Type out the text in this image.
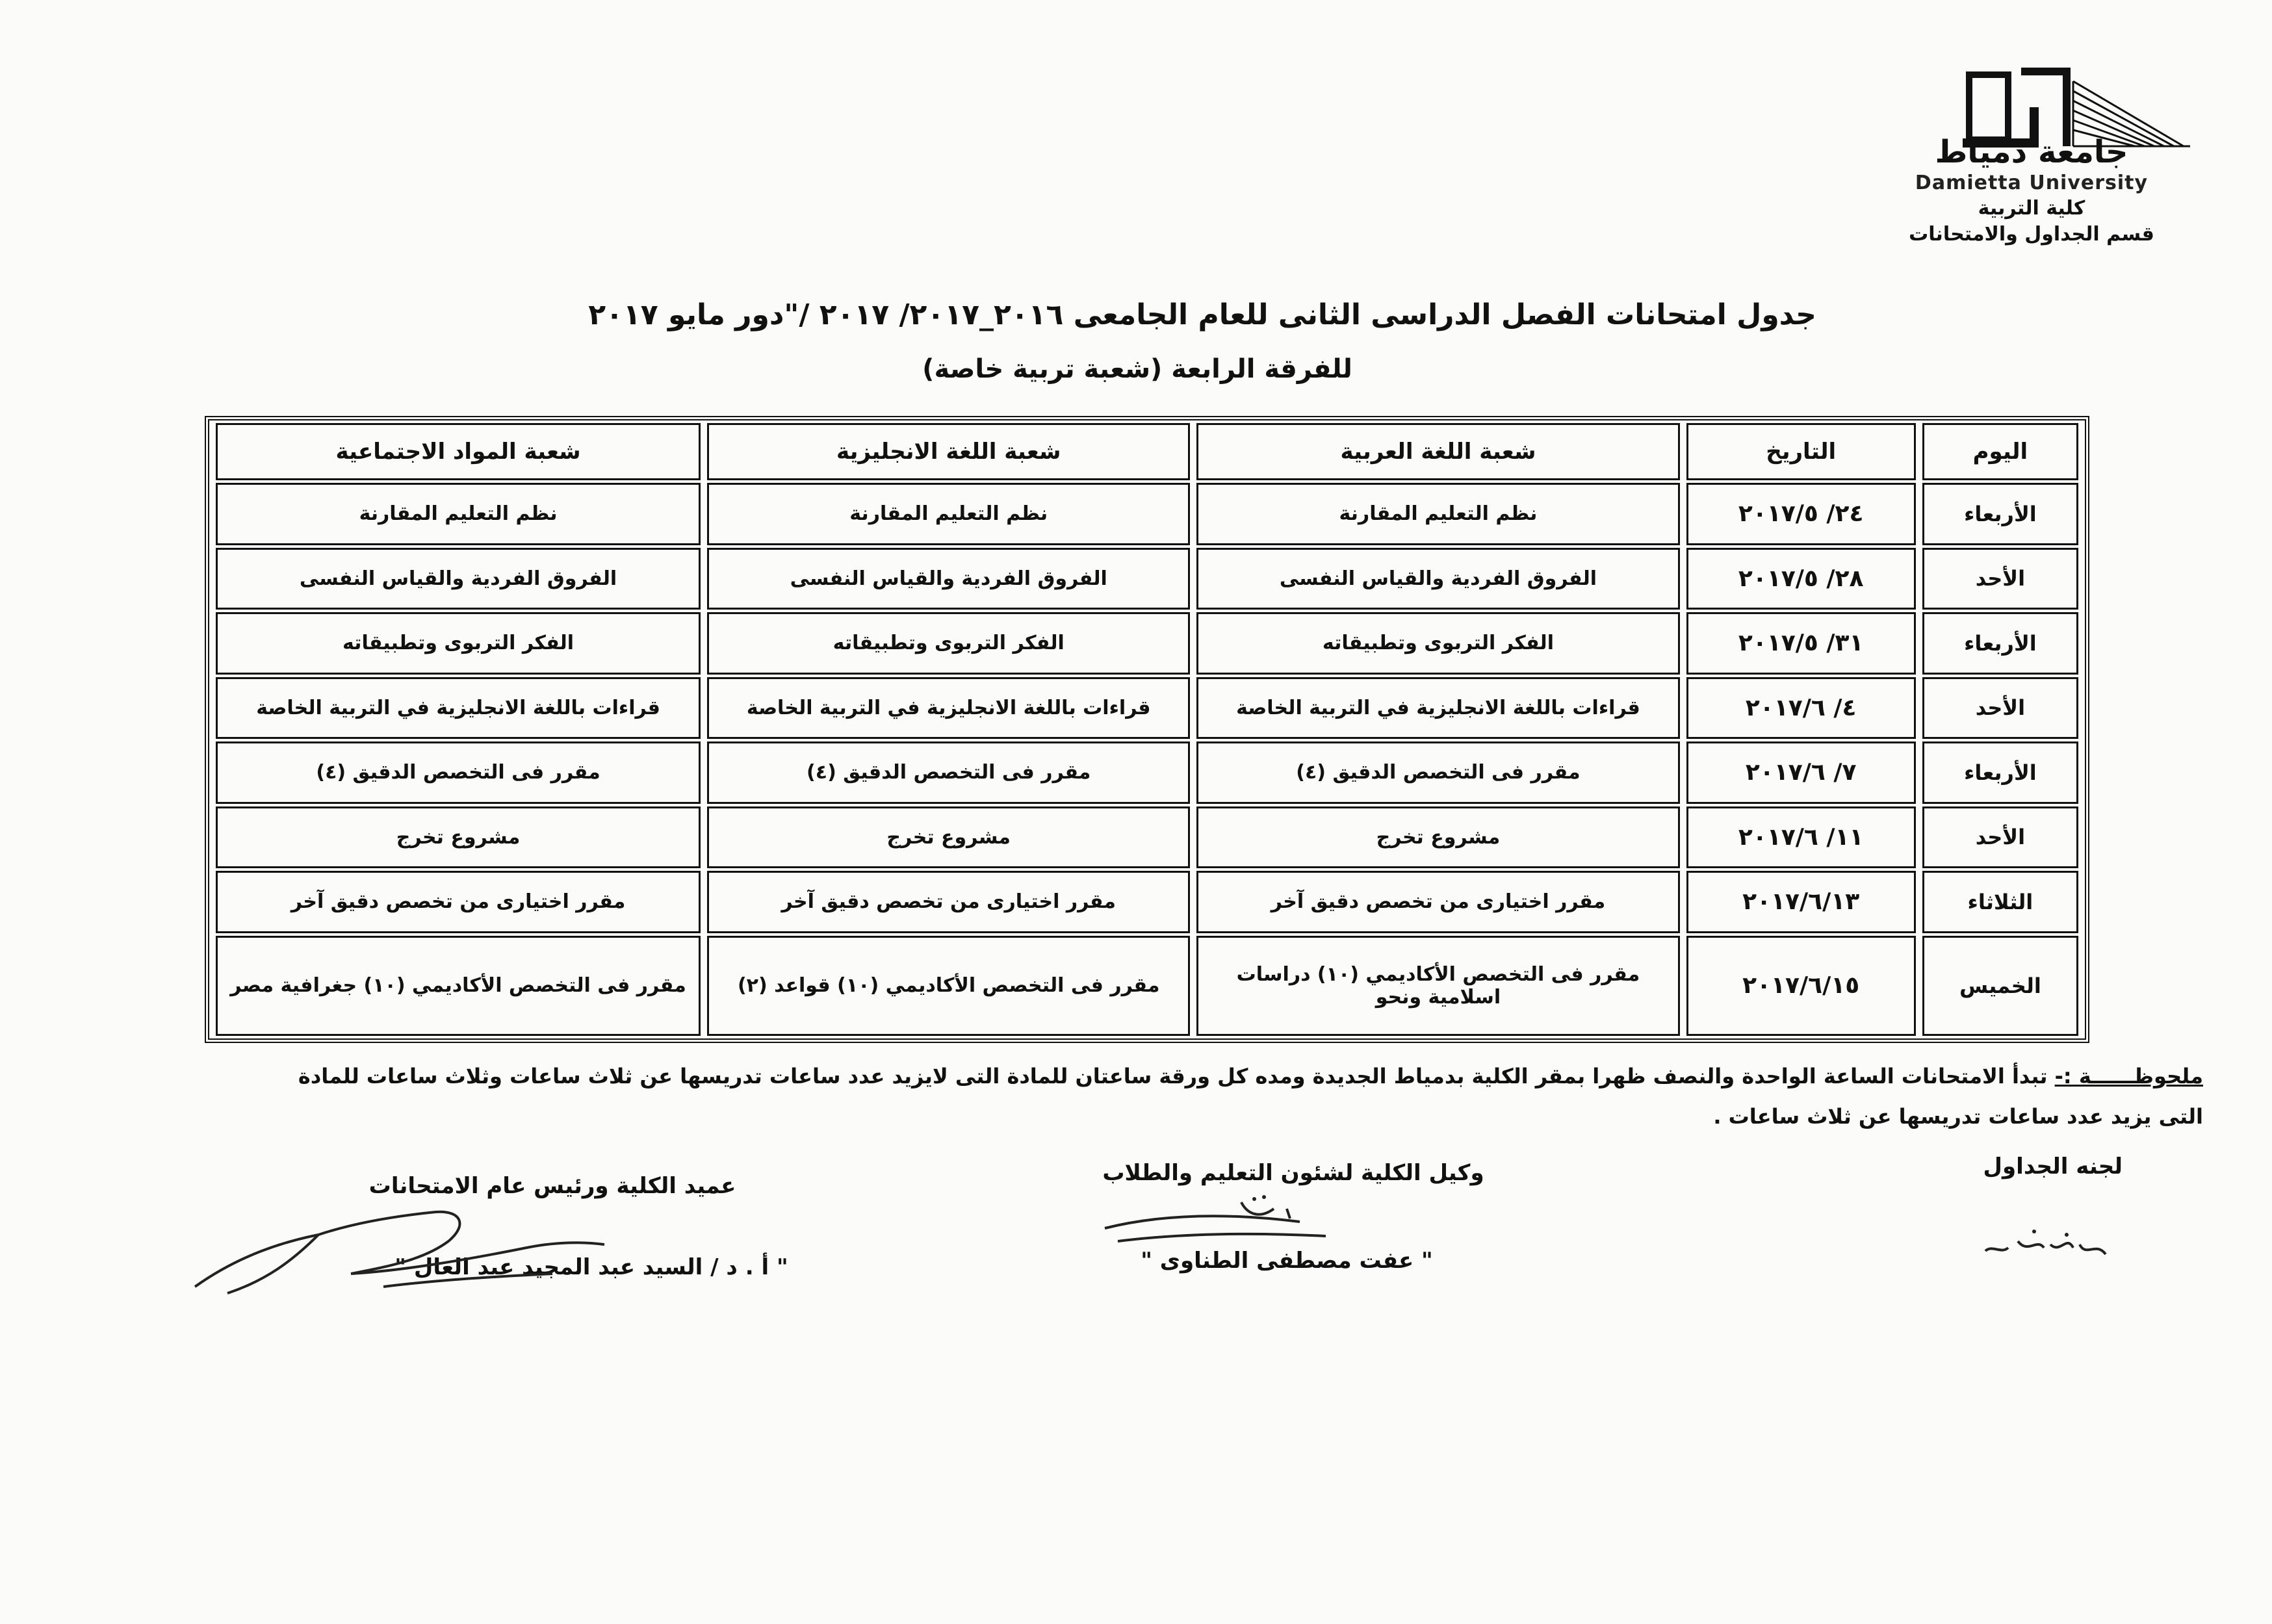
جامعة دمياط
Damietta University
كلية التربية
قسم الجداول والامتحانات
جدول امتحانات الفصل الدراسى الثانى للعام الجامعى ٢٠١٦_٢٠١٧/ ٢٠١٧ /"دور مايو ٢٠١٧
للفرقة الرابعة (شعبة تربية خاصة)
اليوم	التاريخ	شعبة اللغة العربية	شعبة اللغة الانجليزية	شعبة المواد الاجتماعية
الأربعاء	٢٤/ ٢٠١٧/٥	نظم التعليم المقارنة	نظم التعليم المقارنة	نظم التعليم المقارنة
الأحد	٢٨/ ٢٠١٧/٥	الفروق الفردية والقياس النفسى	الفروق الفردية والقياس النفسى	الفروق الفردية والقياس النفسى
الأربعاء	٣١/ ٢٠١٧/٥	الفكر التربوى وتطبيقاته	الفكر التربوى وتطبيقاته	الفكر التربوى وتطبيقاته
الأحد	٤/ ٢٠١٧/٦	قراءات باللغة الانجليزية في التربية الخاصة	قراءات باللغة الانجليزية في التربية الخاصة	قراءات باللغة الانجليزية في التربية الخاصة
الأربعاء	٧/ ٢٠١٧/٦	مقرر فى التخصص الدقيق (٤)	مقرر فى التخصص الدقيق (٤)	مقرر فى التخصص الدقيق (٤)
الأحد	١١/ ٢٠١٧/٦	مشروع تخرج	مشروع تخرج	مشروع تخرج
الثلاثاء	٢٠١٧/٦/١٣	مقرر اختيارى من تخصص دقيق آخر	مقرر اختيارى من تخصص دقيق آخر	مقرر اختيارى من تخصص دقيق آخر
الخميس	٢٠١٧/٦/١٥	مقرر فى التخصص الأكاديمي (١٠) دراسات اسلامية ونحو	مقرر فى التخصص الأكاديمي (١٠) قواعد (٢)	مقرر فى التخصص الأكاديمي (١٠) جغرافية مصر
ملحوظــــــة :- تبدأ الامتحانات الساعة الواحدة والنصف ظهرا بمقر الكلية بدمياط الجديدة ومده كل ورقة ساعتان للمادة التى لايزيد عدد ساعات تدريسها عن ثلاث ساعات وثلاث ساعات للمادة التى يزيد عدد ساعات تدريسها عن ثلاث ساعات .
لجنه الجداول
وكيل الكلية لشئون التعليم والطلاب
عميد الكلية ورئيس عام الامتحانات
" عفت مصطفى الطناوى "
" أ . د / السيد عبد المجيد عبد العال "
